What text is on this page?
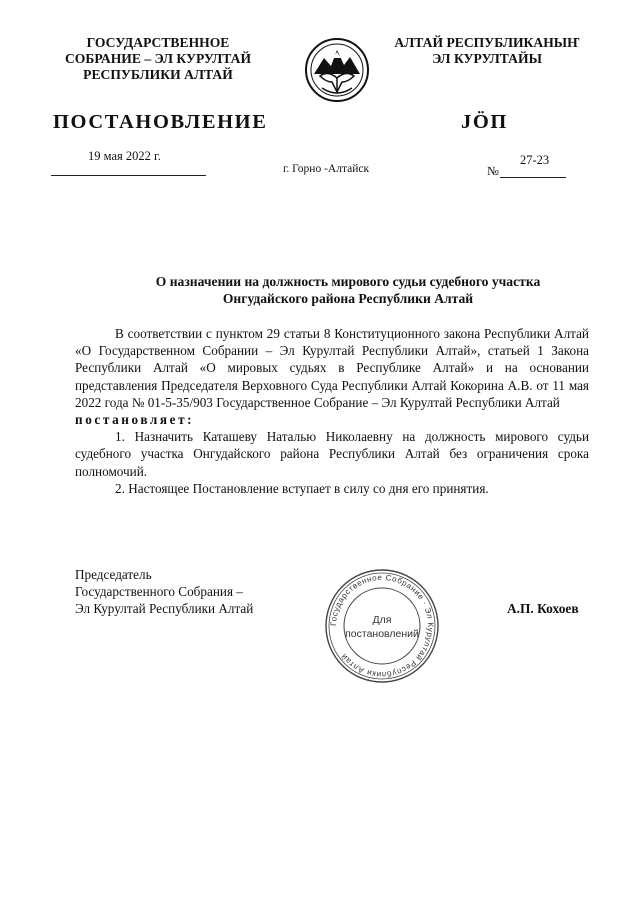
ГОСУДАРСТВЕННОЕ
СОБРАНИЕ – ЭЛ КУРУЛТАЙ
РЕСПУБЛИКИ АЛТАЙ
АЛТАЙ РЕСПУБЛИКАНЫҤ
ЭЛ КУРУЛТАЙЫ
ПОСТАНОВЛЕНИЕ	JÖП
19 мая 2022 г.
г. Горно -Алтайск
27-23
№
О назначении на должность мирового судьи судебного участка
Онгудайского района Республики Алтай

В соответствии с пунктом 29 статьи 8 Конституционного закона Республики Алтай «О Государственном Собрании – Эл Курултай Республики Алтай», статьей 1 Закона Республики Алтай «О мировых судьях в Республике Алтай» и на основании представления Председателя Верховного Суда Республики Алтай Кокорина А.В. от 11 мая 2022 года № 01-5-35/903 Государственное Собрание – Эл Курултай Республики Алтай

постановляет:

1. Назначить Каташеву Наталью Николаевну на должность мирового судьи судебного участка Онгудайского района Республики Алтай без ограничения срока полномочий.

2. Настоящее Постановление вступает в силу со дня его принятия.

Председатель
Государственного Собрания –
Эл Курултай Республики Алтай	А.П. Кохоев
Государственное Собрание · Эл Курултай Республики Алтай
Для
постановлений
